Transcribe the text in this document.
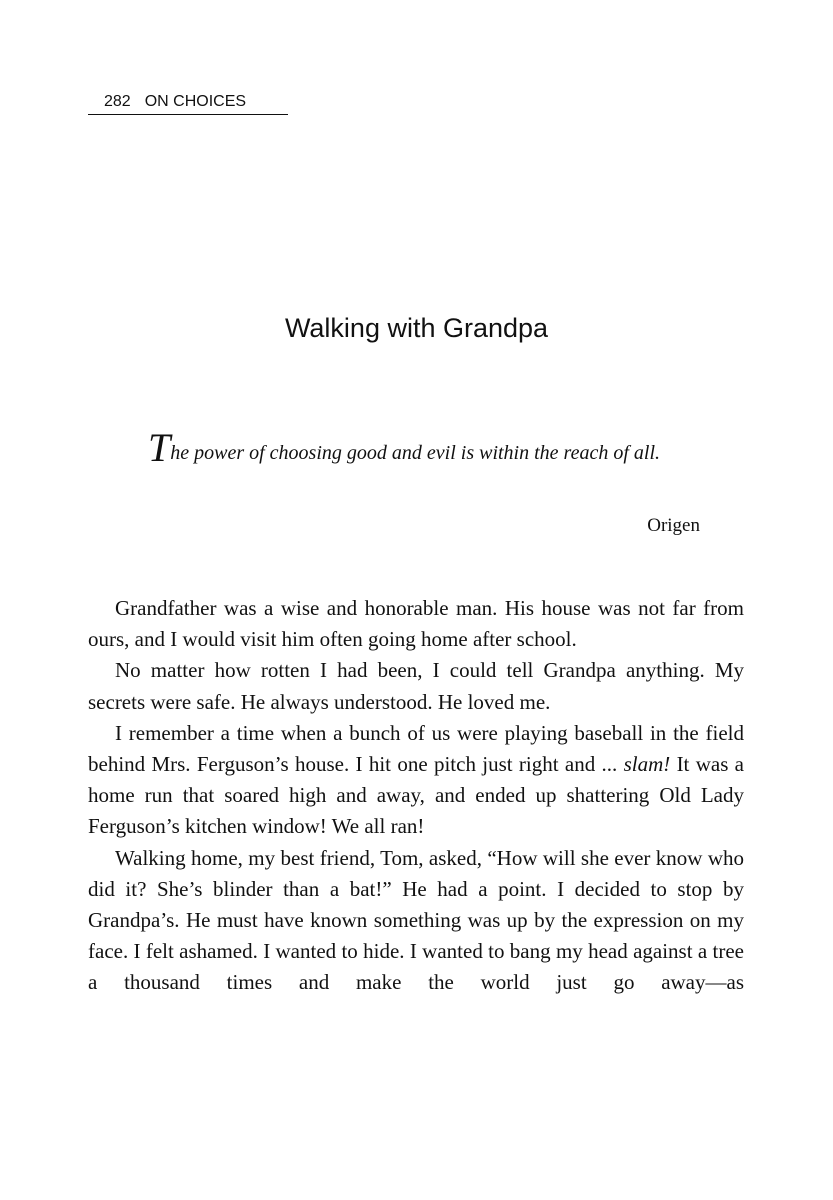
282 ON CHOICES
Walking with Grandpa
The power of choosing good and evil is within the reach of all.
Origen

Grandfather was a wise and honorable man. His house was not far from ours, and I would visit him often going home after school.

No matter how rotten I had been, I could tell Grandpa anything. My secrets were safe. He always understood. He loved me.

I remember a time when a bunch of us were playing baseball in the field behind Mrs. Ferguson’s house. I hit one pitch just right and ... slam! It was a home run that soared high and away, and ended up shattering Old Lady Ferguson’s kitchen window! We all ran!

Walking home, my best friend, Tom, asked, “How will she ever know who did it? She’s blinder than a bat!” He had a point. I decided to stop by Grandpa’s. He must have known something was up by the expression on my face. I felt ashamed. I wanted to hide. I wanted to bang my head against a tree a thousand times and make the world just go away—as
